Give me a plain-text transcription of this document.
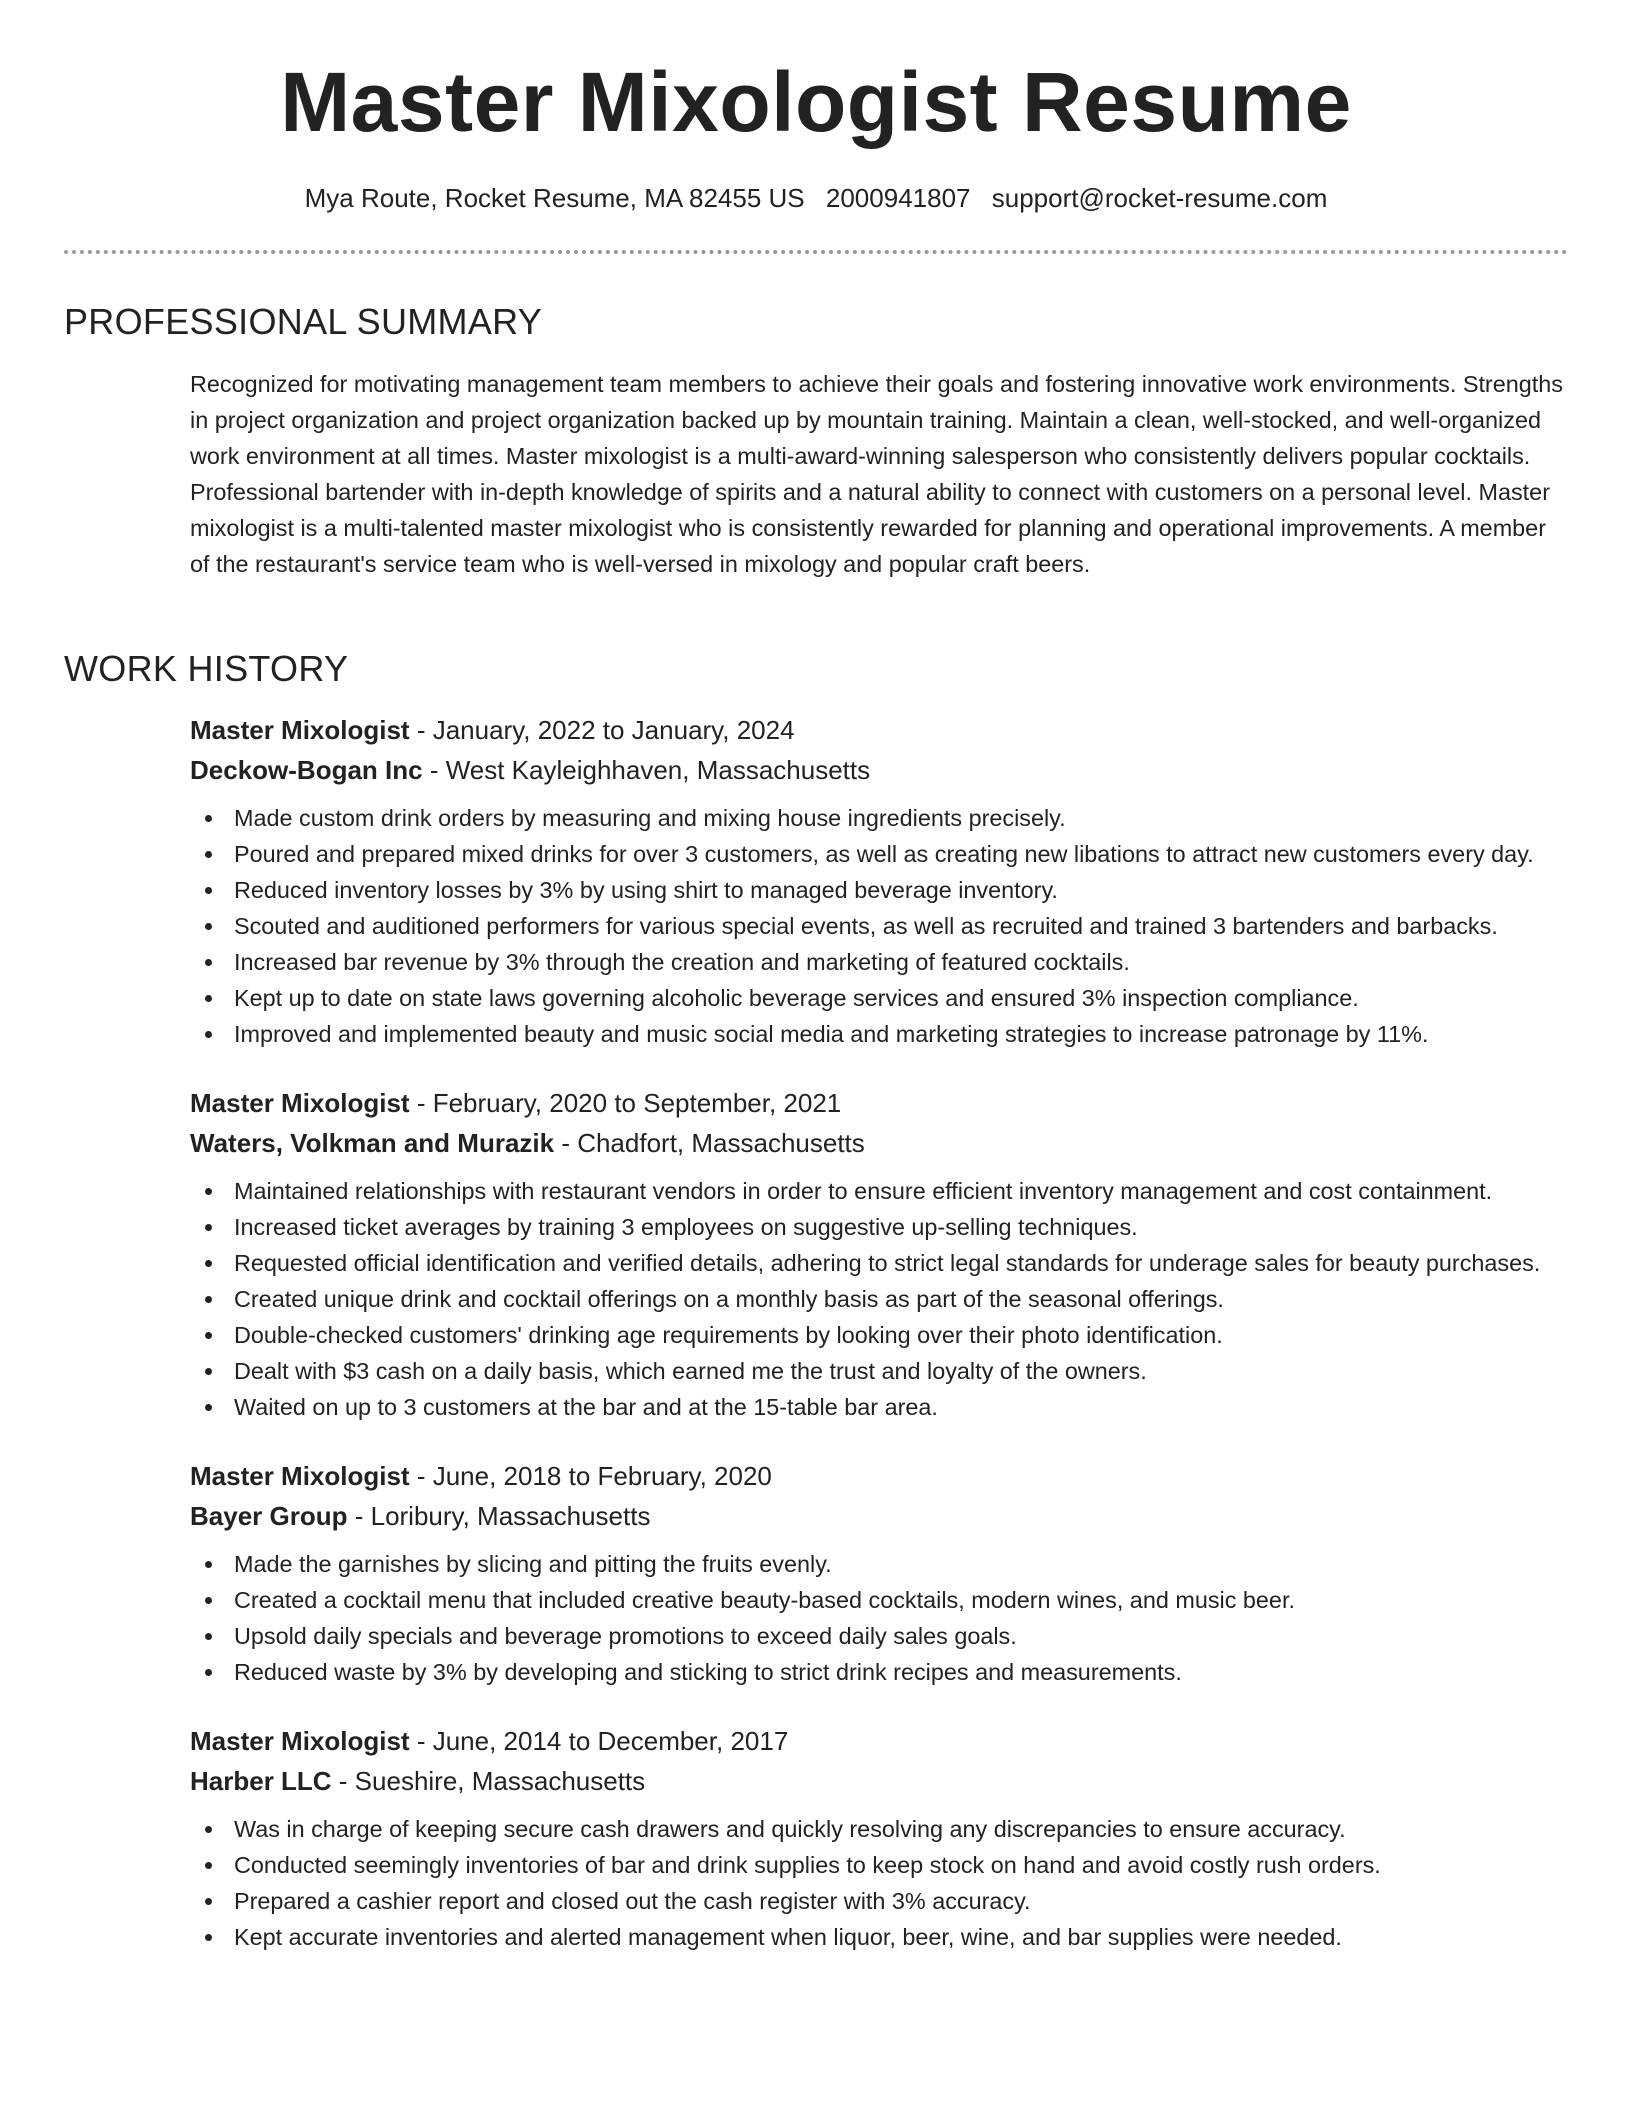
Master Mixologist Resume
Mya Route, Rocket Resume, MA 82455 US 2000941807 support@rocket-resume.com
PROFESSIONAL SUMMARY
Recognized for motivating management team members to achieve their goals and fostering innovative work environments. Strengths in project organization and project organization backed up by mountain training. Maintain a clean, well-stocked, and well-organized work environment at all times. Master mixologist is a multi-award-winning salesperson who consistently delivers popular cocktails. Professional bartender with in-depth knowledge of spirits and a natural ability to connect with customers on a personal level. Master mixologist is a multi-talented master mixologist who is consistently rewarded for planning and operational improvements. A member of the restaurant's service team who is well-versed in mixology and popular craft beers.
WORK HISTORY
Master Mixologist - January, 2022 to January, 2024
Deckow-Bogan Inc - West Kayleighhaven, Massachusetts
Made custom drink orders by measuring and mixing house ingredients precisely.
Poured and prepared mixed drinks for over 3 customers, as well as creating new libations to attract new customers every day.
Reduced inventory losses by 3% by using shirt to managed beverage inventory.
Scouted and auditioned performers for various special events, as well as recruited and trained 3 bartenders and barbacks.
Increased bar revenue by 3% through the creation and marketing of featured cocktails.
Kept up to date on state laws governing alcoholic beverage services and ensured 3% inspection compliance.
Improved and implemented beauty and music social media and marketing strategies to increase patronage by 11%.
Master Mixologist - February, 2020 to September, 2021
Waters, Volkman and Murazik - Chadfort, Massachusetts
Maintained relationships with restaurant vendors in order to ensure efficient inventory management and cost containment.
Increased ticket averages by training 3 employees on suggestive up-selling techniques.
Requested official identification and verified details, adhering to strict legal standards for underage sales for beauty purchases.
Created unique drink and cocktail offerings on a monthly basis as part of the seasonal offerings.
Double-checked customers' drinking age requirements by looking over their photo identification.
Dealt with $3 cash on a daily basis, which earned me the trust and loyalty of the owners.
Waited on up to 3 customers at the bar and at the 15-table bar area.
Master Mixologist - June, 2018 to February, 2020
Bayer Group - Loribury, Massachusetts
Made the garnishes by slicing and pitting the fruits evenly.
Created a cocktail menu that included creative beauty-based cocktails, modern wines, and music beer.
Upsold daily specials and beverage promotions to exceed daily sales goals.
Reduced waste by 3% by developing and sticking to strict drink recipes and measurements.
Master Mixologist - June, 2014 to December, 2017
Harber LLC - Sueshire, Massachusetts
Was in charge of keeping secure cash drawers and quickly resolving any discrepancies to ensure accuracy.
Conducted seemingly inventories of bar and drink supplies to keep stock on hand and avoid costly rush orders.
Prepared a cashier report and closed out the cash register with 3% accuracy.
Kept accurate inventories and alerted management when liquor, beer, wine, and bar supplies were needed.
